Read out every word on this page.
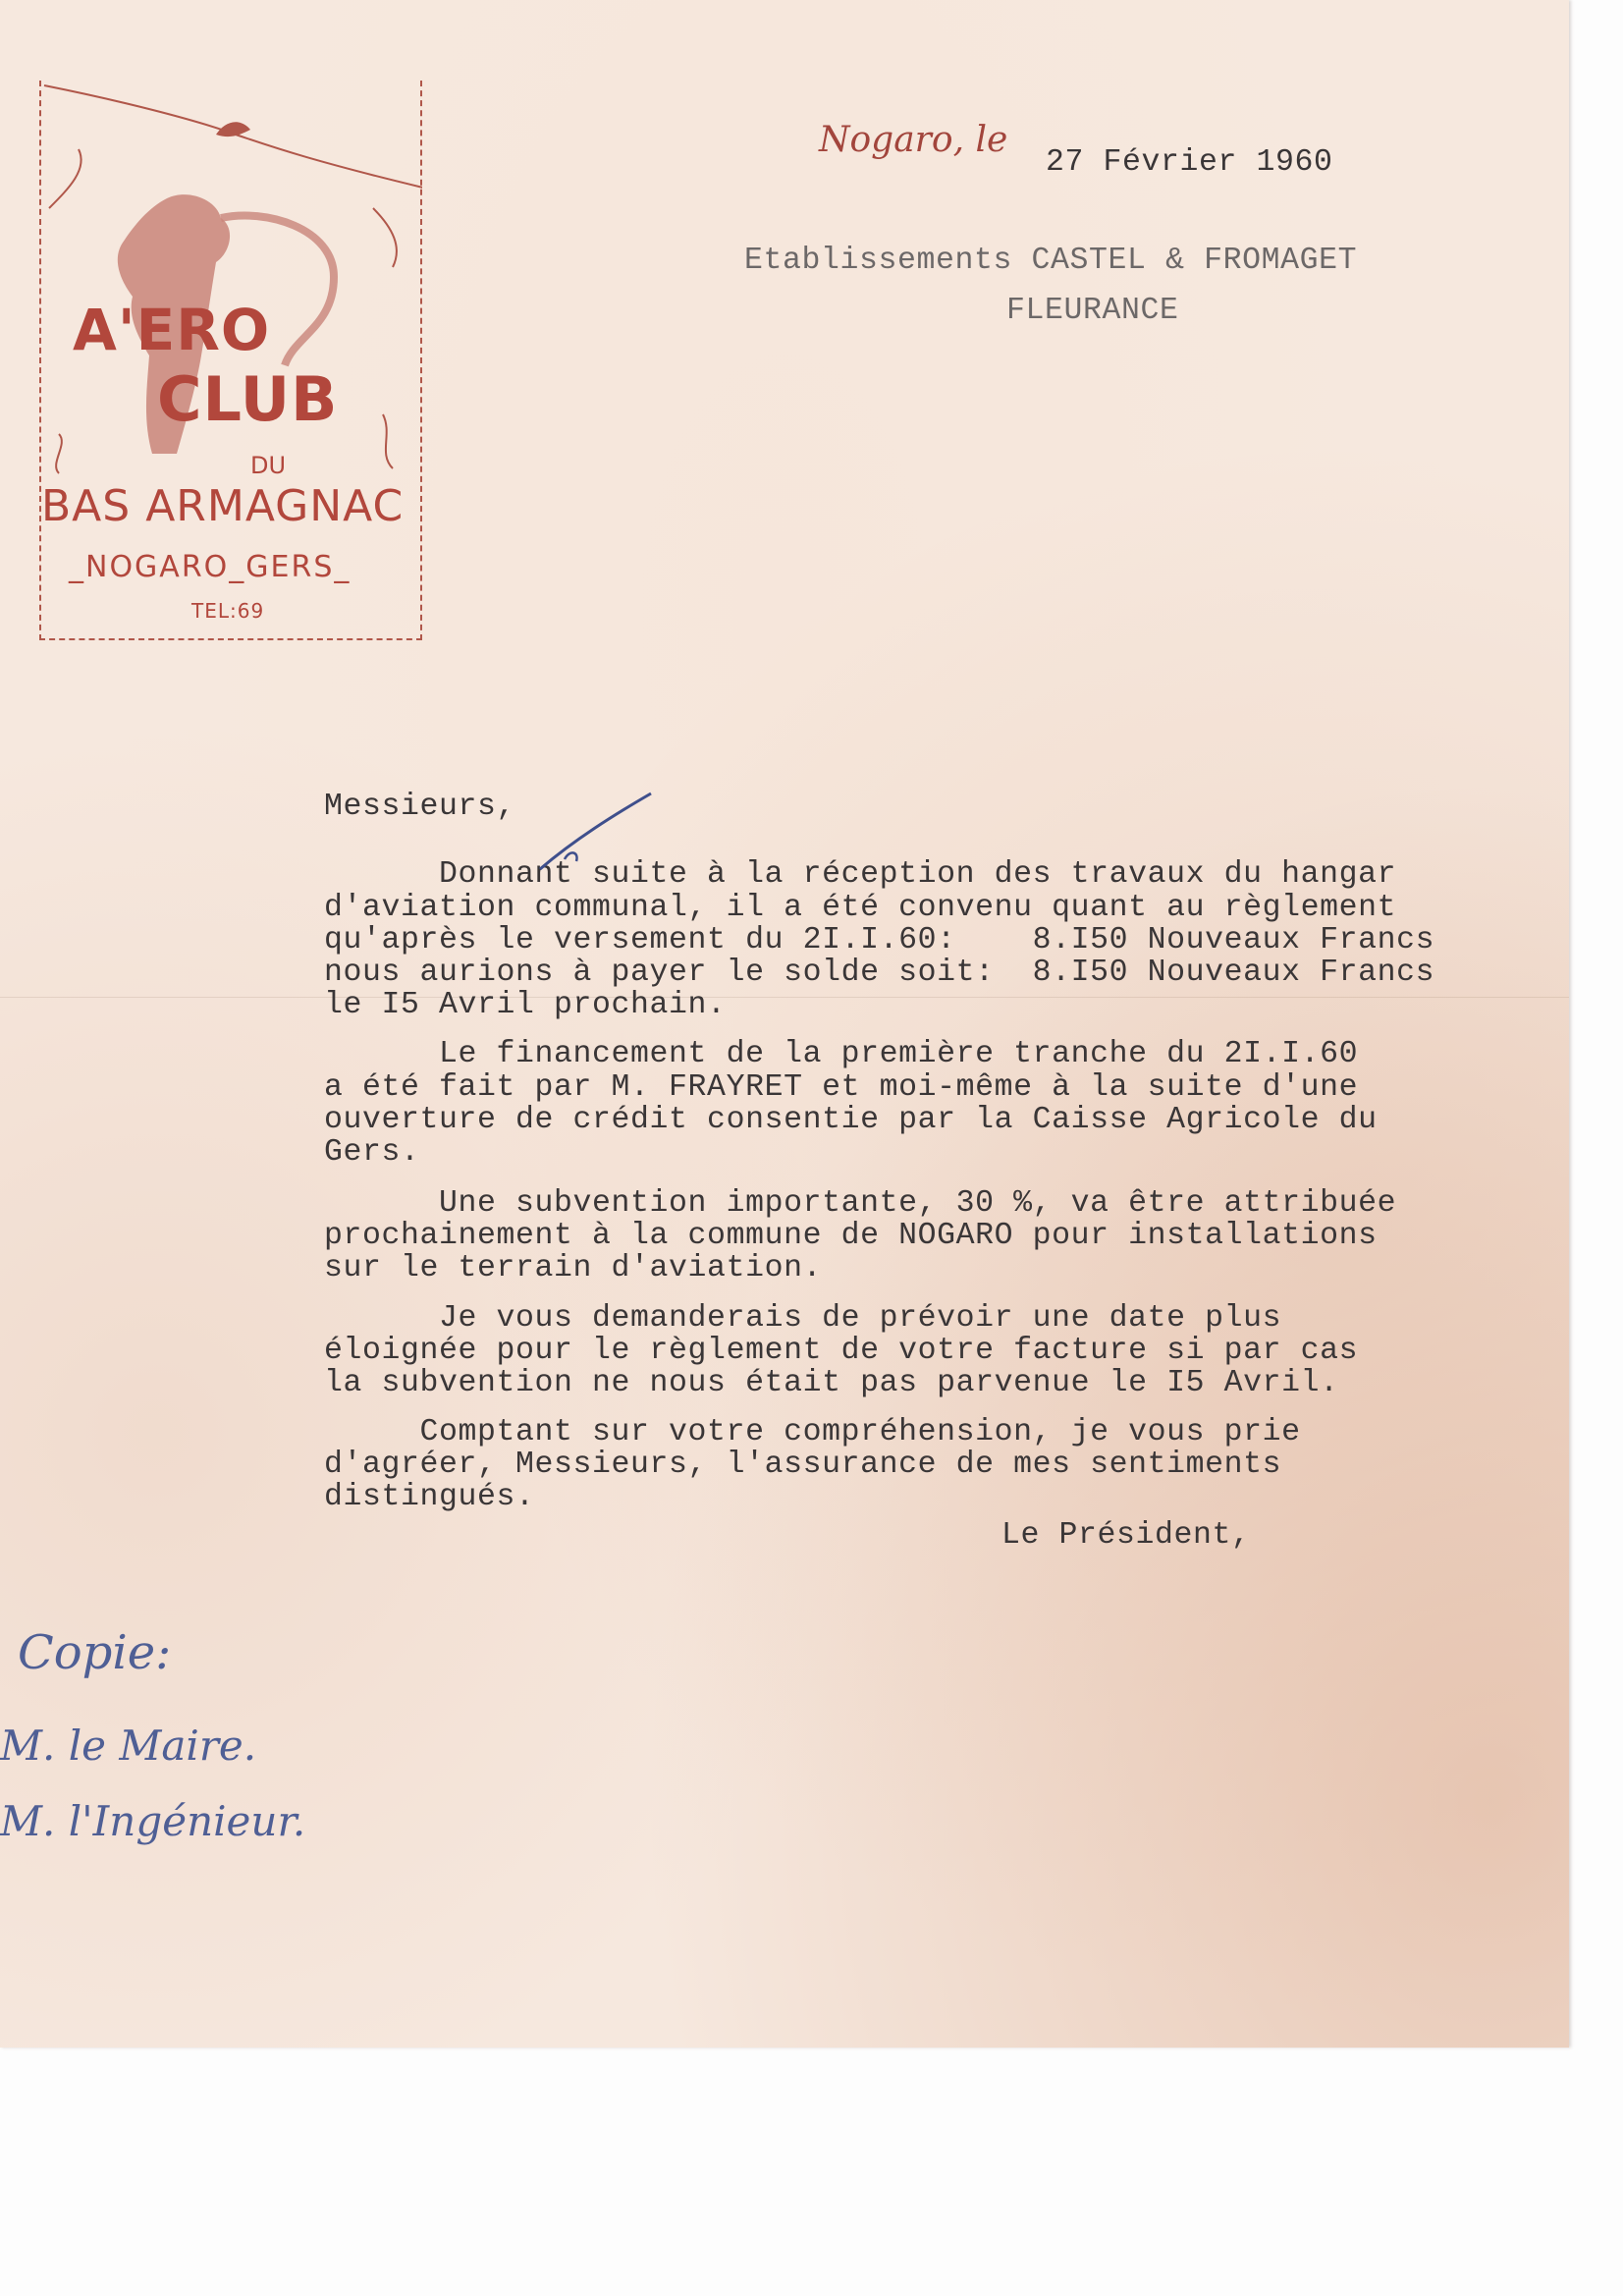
A'ERO
CLUB
DU
BAS ARMAGNAC
_NOGARO_GERS_
TEL:69
Nogaro, le
27 Février 1960
Etablissements CASTEL & FROMAGET
FLEURANCE
Messieurs,
Donnant suite à la réception des travaux du hangar
d'aviation communal, il a été convenu quant au règlement
qu'après le versement du 2I.I.60:    8.I50 Nouveaux Francs
nous aurions à payer le solde soit:  8.I50 Nouveaux Francs
le I5 Avril prochain.
Le financement de la première tranche du 2I.I.60
a été fait par M. FRAYRET et moi-même à la suite d'une
ouverture de crédit consentie par la Caisse Agricole du
Gers.
Une subvention importante, 30 %, va être attribuée
prochainement à la commune de NOGARO pour installations
sur le terrain d'aviation.
Je vous demanderais de prévoir une date plus
éloignée pour le règlement de votre facture si par cas
la subvention ne nous était pas parvenue le I5 Avril.
Comptant sur votre compréhension, je vous prie
d'agréer, Messieurs, l'assurance de mes sentiments
distingués.
Le Président,
Copie:
M. le Maire.
M. l'Ingénieur.
